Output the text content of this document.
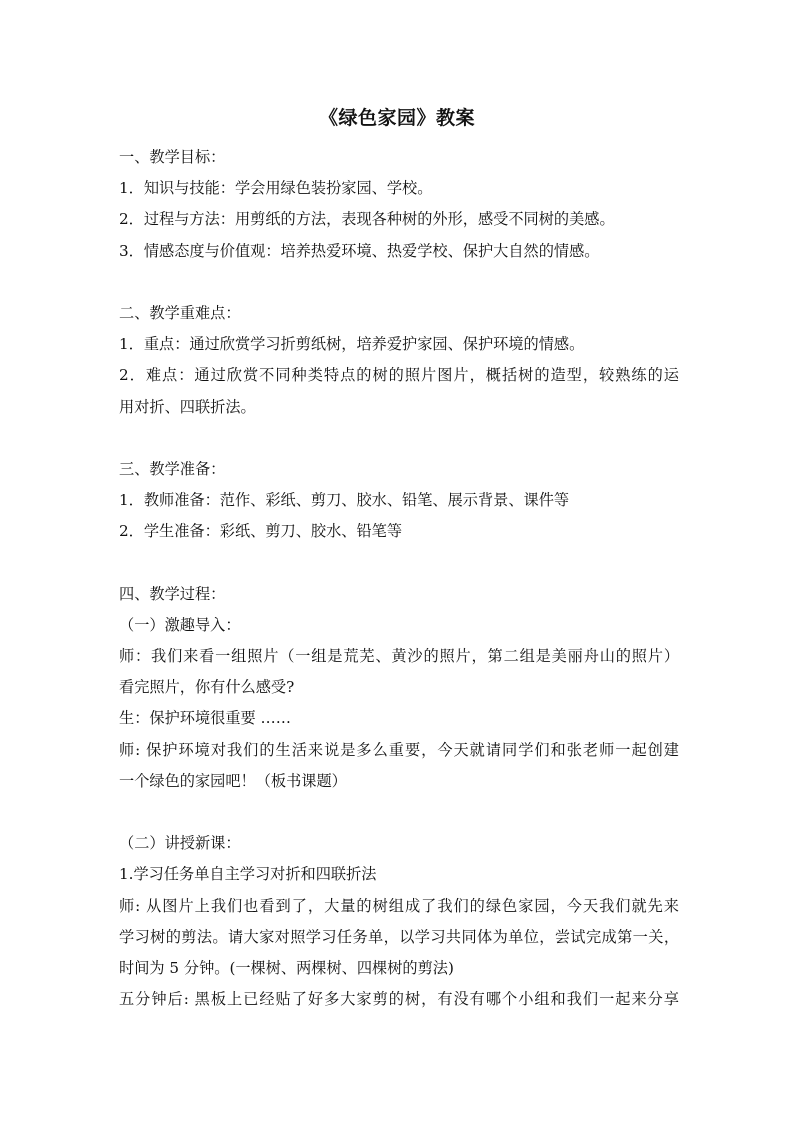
《绿色家园》教案
一、教学目标：
1．知识与技能：学会用绿色装扮家园、学校。
2．过程与方法：用剪纸的方法，表现各种树的外形，感受不同树的美感。
3．情感态度与价值观：培养热爱环境、热爱学校、保护大自然的情感。
二、教学重难点：
1．重点：通过欣赏学习折剪纸树，培养爱护家园、保护环境的情感。
2．难点：通过欣赏不同种类特点的树的照片图片，概括树的造型，较熟练的运
用对折、四联折法。
三、教学准备：
1．教师准备：范作、彩纸、剪刀、胶水、铅笔、展示背景、课件等
2．学生准备：彩纸、剪刀、胶水、铅笔等
四、教学过程：
（一）激趣导入：
师：我们来看一组照片（一组是荒芜、黄沙的照片，第二组是美丽舟山的照片）
看完照片，你有什么感受?
生：保护环境很重要 ……
师: 保护环境对我们的生活来说是多么重要，今天就请同学们和张老师一起创建
一个绿色的家园吧！（板书课题）
（二）讲授新课：
1.学习任务单自主学习对折和四联折法
师: 从图片上我们也看到了，大量的树组成了我们的绿色家园，今天我们就先来
学习树的剪法。请大家对照学习任务单，以学习共同体为单位，尝试完成第一关，
时间为 5 分钟。(一棵树、两棵树、四棵树的剪法)
五分钟后: 黑板上已经贴了好多大家剪的树，有没有哪个小组和我们一起来分享
